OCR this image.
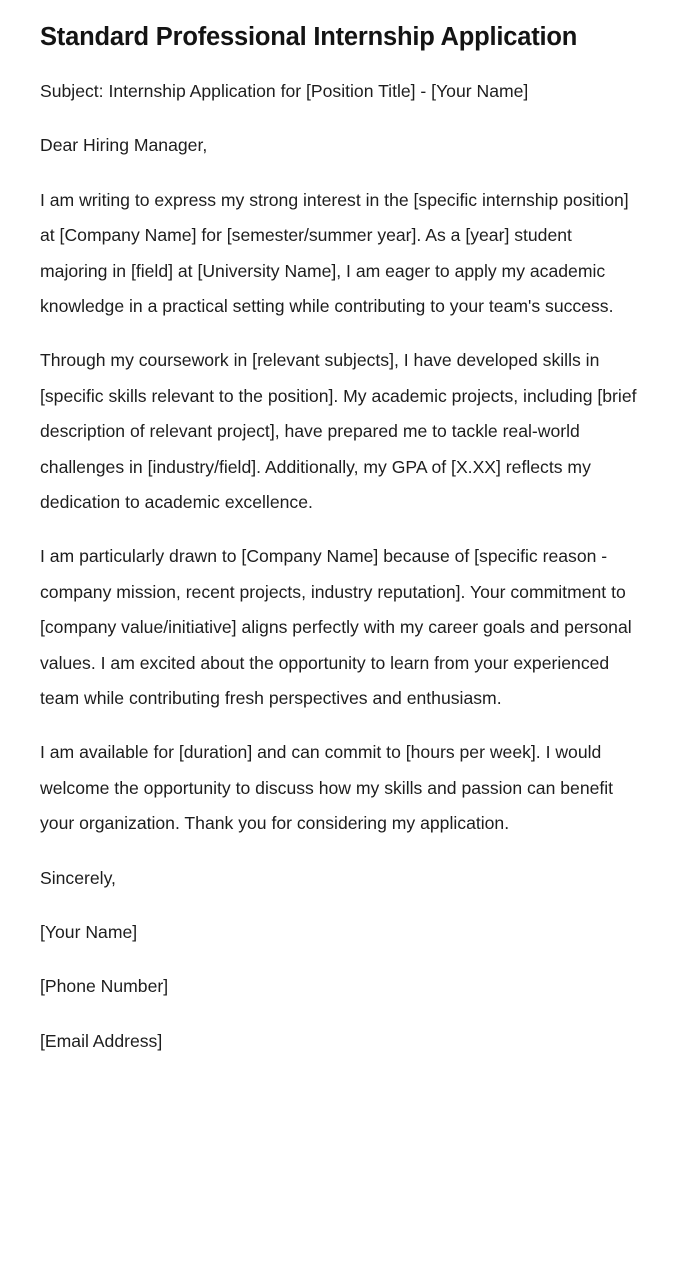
Standard Professional Internship Application

Subject: Internship Application for [Position Title] - [Your Name]

Dear Hiring Manager,

I am writing to express my strong interest in the [specific internship position] at [Company Name] for [semester/summer year]. As a [year] student majoring in [field] at [University Name], I am eager to apply my academic knowledge in a practical setting while contributing to your team's success.

Through my coursework in [relevant subjects], I have developed skills in [specific skills relevant to the position]. My academic projects, including [brief description of relevant project], have prepared me to tackle real-world challenges in [industry/field]. Additionally, my GPA of [X.XX] reflects my dedication to academic excellence.

I am particularly drawn to [Company Name] because of [specific reason - company mission, recent projects, industry reputation]. Your commitment to [company value/initiative] aligns perfectly with my career goals and personal values. I am excited about the opportunity to learn from your experienced team while contributing fresh perspectives and enthusiasm.

I am available for [duration] and can commit to [hours per week]. I would welcome the opportunity to discuss how my skills and passion can benefit your organization. Thank you for considering my application.

Sincerely,

[Your Name]

[Phone Number]

[Email Address]
